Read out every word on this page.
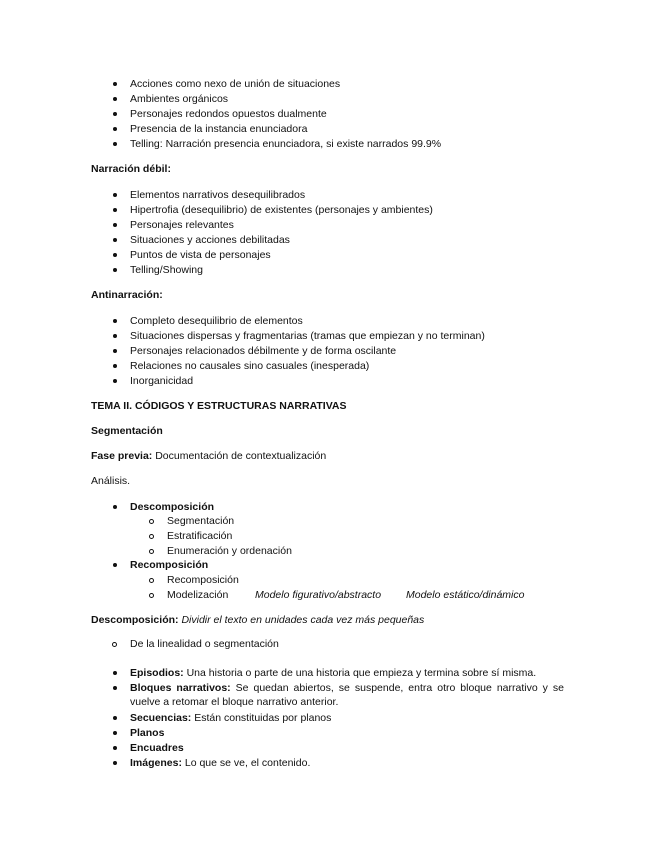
Acciones como nexo de unión de situaciones
Ambientes orgánicos
Personajes redondos opuestos dualmente
Presencia de la instancia enunciadora
Telling: Narración presencia enunciadora, si existe narrados 99.9%
Narración débil:
Elementos narrativos desequilibrados
Hipertrofia (desequilibrio) de existentes (personajes y ambientes)
Personajes relevantes
Situaciones y acciones debilitadas
Puntos de vista de personajes
Telling/Showing
Antinarración:
Completo desequilibrio de elementos
Situaciones dispersas y fragmentarias (tramas que empiezan y no terminan)
Personajes relacionados débilmente y de forma oscilante
Relaciones no causales sino casuales (inesperada)
Inorganicidad
TEMA II. CÓDIGOS Y ESTRUCTURAS NARRATIVAS
Segmentación
Fase previa: Documentación de contextualización
Análisis.
Descomposición
Segmentación
Estratificación
Enumeración y ordenación
Recomposición
Recomposición
Modelización	Modelo figurativo/abstracto Modelo estático/dinámico
Descomposición: Dividir el texto en unidades cada vez más pequeñas
De la linealidad o segmentación
Episodios: Una historia o parte de una historia que empieza y termina sobre sí misma.
Bloques narrativos: Se quedan abiertos, se suspende, entra otro bloque narrativo y se
vuelve a retomar el bloque narrativo anterior.
Secuencias: Están constituidas por planos
Planos
Encuadres
Imágenes: Lo que se ve, el contenido.
